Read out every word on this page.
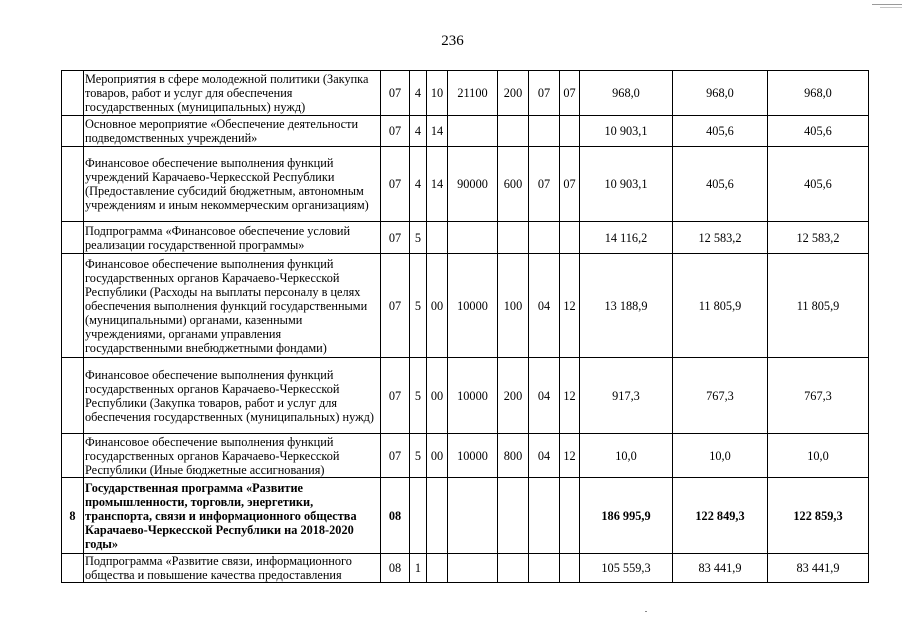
236
	Мероприятия в сфере молодежной политики (Закупка товаров, работ и услуг для обеспечения государственных (муниципальных) нужд)	07	4	10	21100	200	07	07	968,0	968,0	968,0
	Основное мероприятие «Обеспечение деятельности подведомственных учреждений»	07	4	14					10 903,1	405,6	405,6
	Финансовое обеспечение выполнения функций учреждений Карачаево-Черкесской Республики (Предоставление субсидий бюджетным, автономным учреждениям и иным некоммерческим организациям)	07	4	14	90000	600	07	07	10 903,1	405,6	405,6
	Подпрограмма «Финансовое обеспечение условий реализации государственной программы»	07	5						14 116,2	12 583,2	12 583,2
	Финансовое обеспечение выполнения функций государственных органов Карачаево-Черкесской Республики (Расходы на выплаты персоналу в целях обеспечения выполнения функций государственными (муниципальными) органами, казенными учреждениями, органами управления государственными внебюджетными фондами)	07	5	00	10000	100	04	12	13 188,9	11 805,9	11 805,9
	Финансовое обеспечение выполнения функций государственных органов Карачаево-Черкесской Республики (Закупка товаров, работ и услуг для обеспечения государственных (муниципальных) нужд)	07	5	00	10000	200	04	12	917,3	767,3	767,3
	Финансовое обеспечение выполнения функций государственных органов Карачаево-Черкесской Республики (Иные бюджетные ассигнования)	07	5	00	10000	800	04	12	10,0	10,0	10,0
8	Государственная программа «Развитие промышленности, торговли, энергетики, транспорта, связи и информационного общества Карачаево-Черкесской Республики на 2018-2020 годы»	08							186 995,9	122 849,3	122 859,3
	Подпрограмма «Развитие связи, информационного общества и повышение качества предоставления	08	1						105 559,3	83 441,9	83 441,9
